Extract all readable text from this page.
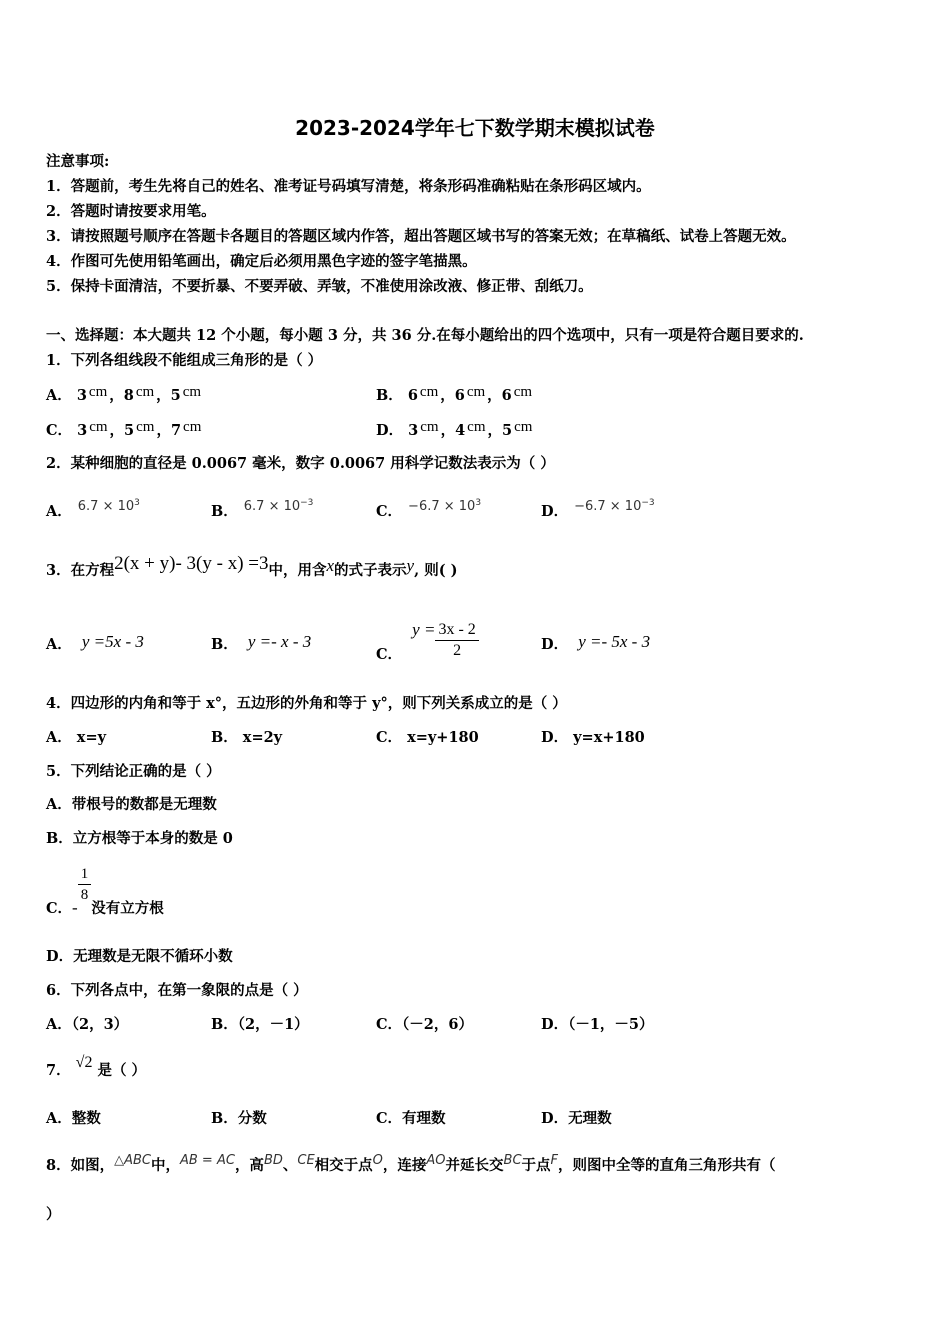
2023-2024学年七下数学期末模拟试卷
注意事项:
1．答题前，考生先将自己的姓名、准考证号码填写清楚，将条形码准确粘贴在条形码区域内。
2．答题时请按要求用笔。
3．请按照题号顺序在答题卡各题目的答题区域内作答，超出答题区域书写的答案无效；在草稿纸、试卷上答题无效。
4．作图可先使用铅笔画出，确定后必须用黑色字迹的签字笔描黑。
5．保持卡面清洁，不要折暴、不要弄破、弄皱，不准使用涂改液、修正带、刮纸刀。
一、选择题：本大题共 12 个小题，每小题 3 分，共 36 分.在每小题给出的四个选项中，只有一项是符合题目要求的.
1．下列各组线段不能组成三角形的是（ ）
A． 3 cm ，8 cm ，5 cm	B． 6 cm ，6 cm ，6 cm
C． 3 cm ，5 cm ，7 cm	D． 3 cm ，4 cm ，5 cm
2．某种细胞的直径是 0.0067 毫米，数字 0.0067 用科学记数法表示为（ ）
A． $6.7 \times 10^3$	B． $6.7 \times 10^{-3}$	C． $-6.7 \times 10^3$	D． $-6.7 \times 10^{-3}$
3．在方程2(x + y)- 3(y - x) =3中，用含x的式子表示y, 则( )
A． y =5x - 3	B． y =- x - 3
C．  $y = \frac{3x - 2}{2}$	D． y =- 5x - 3
4．四边形的内角和等于 x°，五边形的外角和等于 y°，则下列关系成立的是（ ）
A． x=y	B． x=2y	C． x=y+180	D． y=x+180
5．下列结论正确的是（ ）
A．带根号的数都是无理数
B．立方根等于本身的数是 0
C．-
$\frac{1}{8}$
没有立方根
D．无理数是无限不循环小数
6．下列各点中，在第一象限的点是（ ）
A．（2，3）	B．（2，－1）	C．（－2，6）	D．（－1，－5）
7． √2 是（ ）
A．整数	B．分数	C．有理数	D．无理数
8．如图，△ABC中，AB = AC，高BD、CE相交于点O，连接AO并延长交BC于点F，则图中全等的直角三角形共有（
）
